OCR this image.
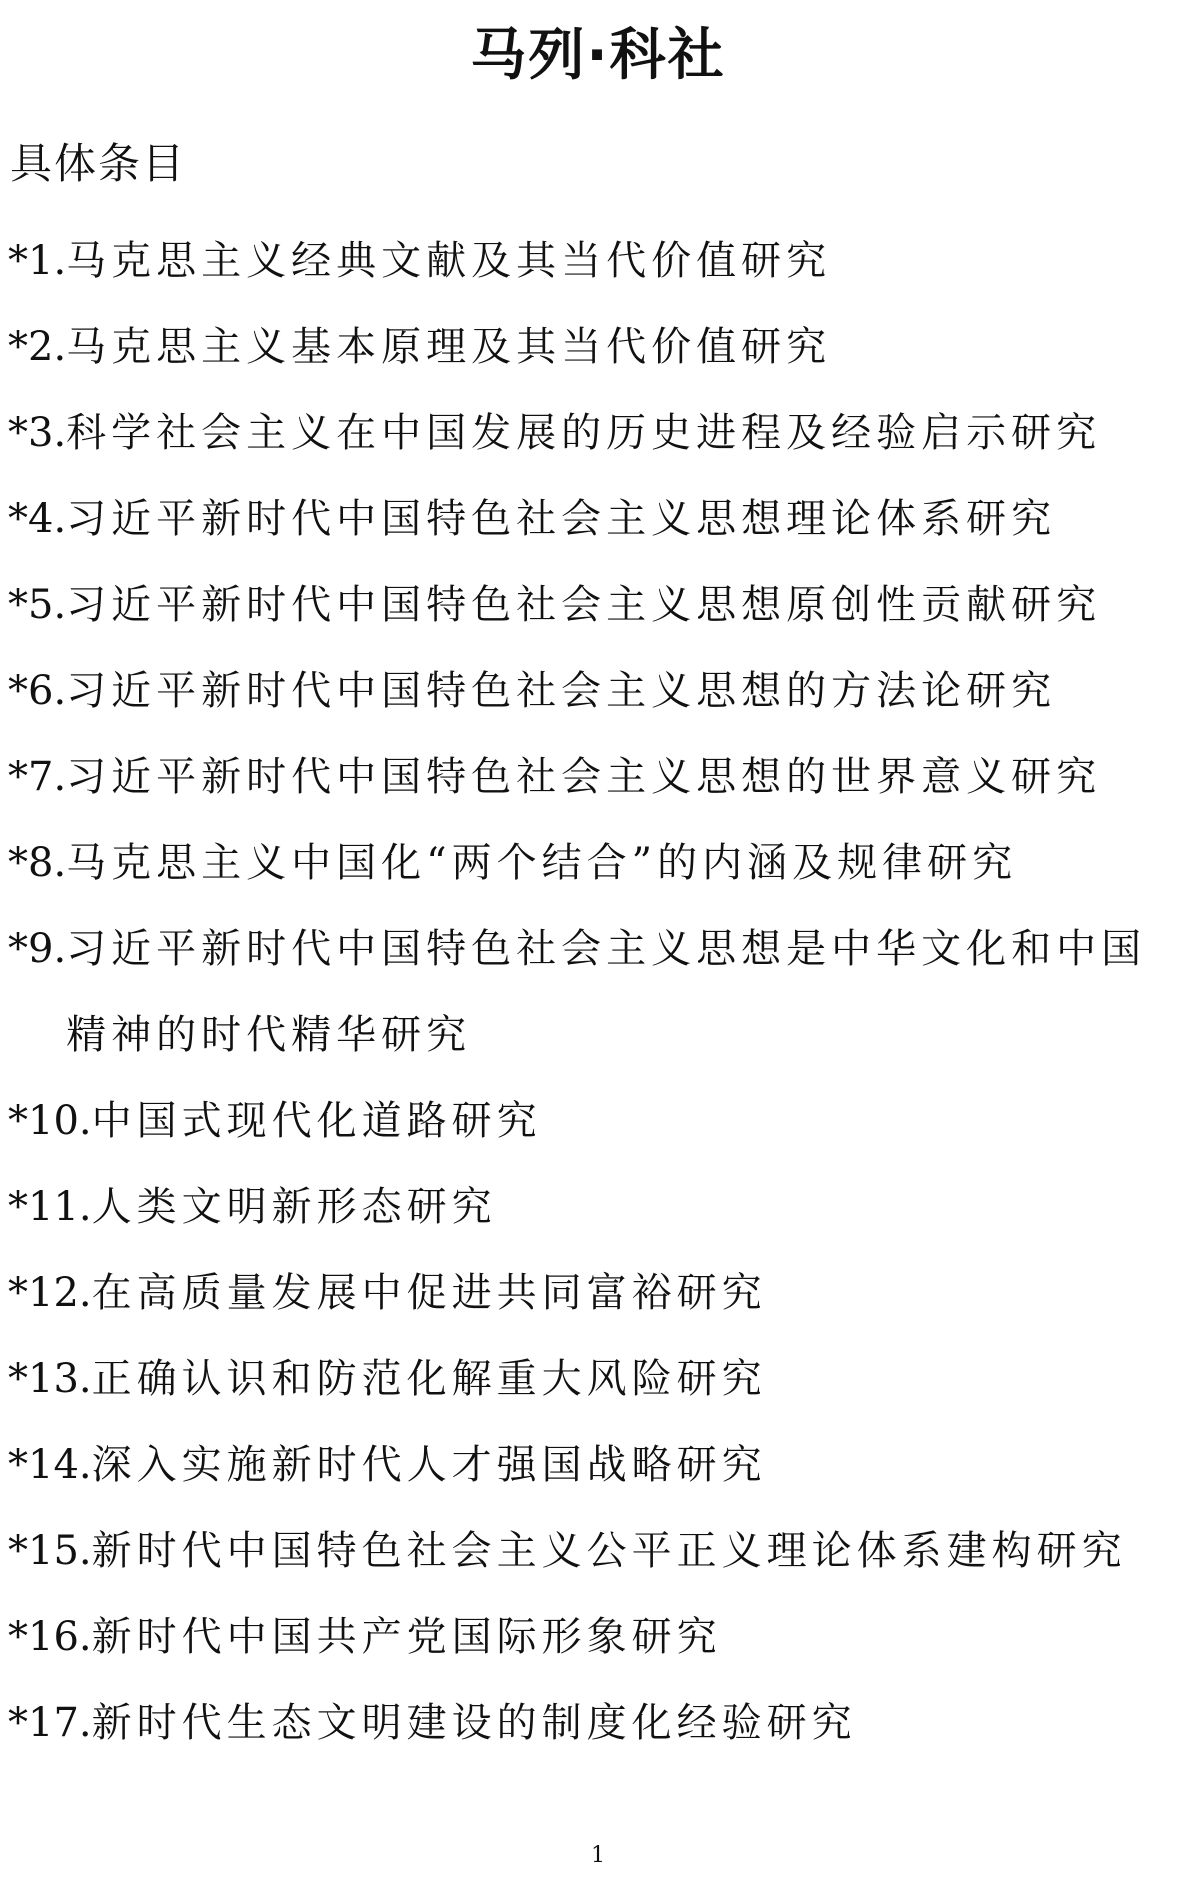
马列·科社
具体条目
*1. 马克思主义经典文献及其当代价值研究
*2. 马克思主义基本原理及其当代价值研究
*3. 科学社会主义在中国发展的历史进程及经验启示研究
*4. 习近平新时代中国特色社会主义思想理论体系研究
*5. 习近平新时代中国特色社会主义思想原创性贡献研究
*6. 习近平新时代中国特色社会主义思想的方法论研究
*7. 习近平新时代中国特色社会主义思想的世界意义研究
*8. 马克思主义中国化“两个结合”的内涵及规律研究
*9. 习近平新时代中国特色社会主义思想是中华文化和中国精神的时代精华研究
*10. 中国式现代化道路研究
*11. 人类文明新形态研究
*12. 在高质量发展中促进共同富裕研究
*13. 正确认识和防范化解重大风险研究
*14. 深入实施新时代人才强国战略研究
*15. 新时代中国特色社会主义公平正义理论体系建构研究
*16. 新时代中国共产党国际形象研究
*17. 新时代生态文明建设的制度化经验研究
1
